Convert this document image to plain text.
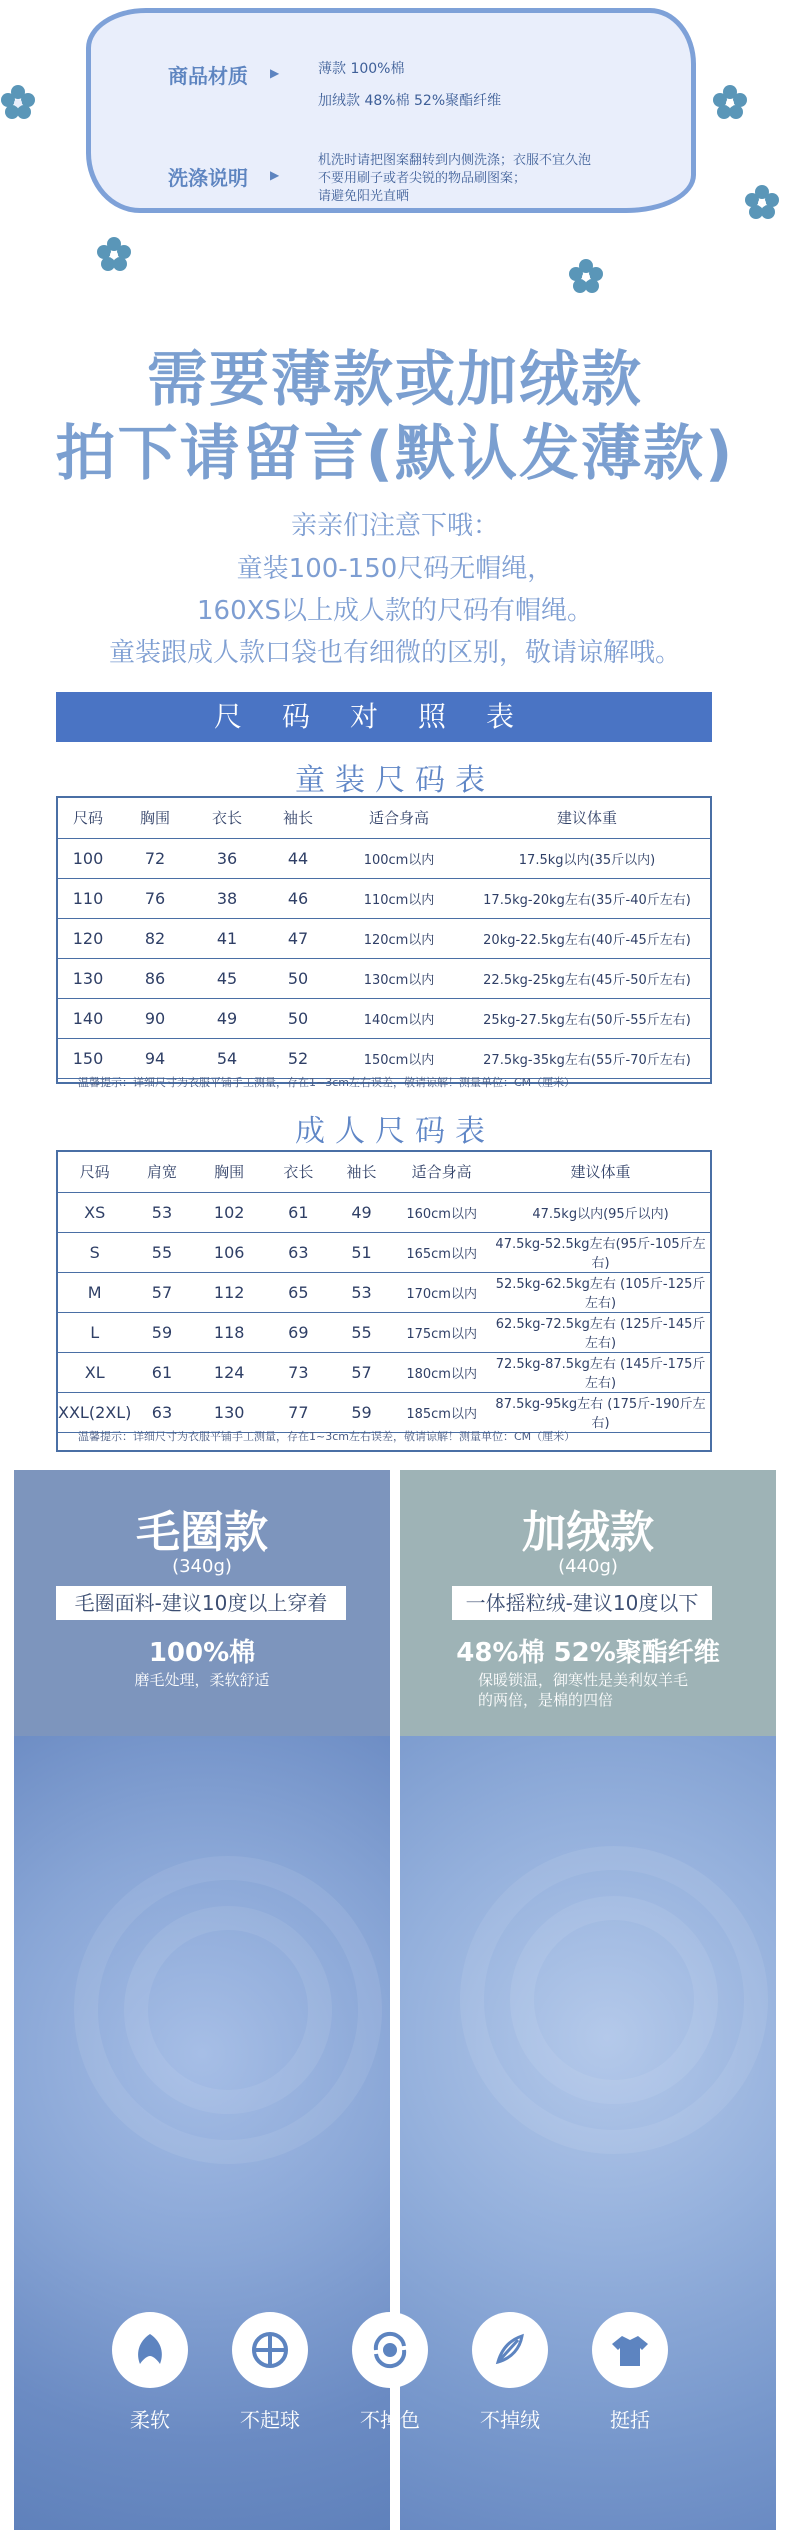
商品材质 ▶	薄款 100%棉
加绒款 48%棉 52%聚酯纤维
洗涤说明 ▶
机洗时请把图案翻转到内侧洗涤；衣服不宜久泡
不要用刷子或者尖锐的物品刷图案；
请避免阳光直晒
需要薄款或加绒款
拍下请留言(默认发薄款)
亲亲们注意下哦：
童装100-150尺码无帽绳，
160XS以上成人款的尺码有帽绳。
童装跟成人款口袋也有细微的区别，敬请谅解哦。
尺码对照表
童装尺码表
尺码	胸围	衣长	袖长	适合身高	建议体重
100	72	36	44	100cm以内	17.5kg以内(35斤以内)
110	76	38	46	110cm以内	17.5kg-20kg左右(35斤-40斤左右)
120	82	41	47	120cm以内	20kg-22.5kg左右(40斤-45斤左右)
130	86	45	50	130cm以内	22.5kg-25kg左右(45斤-50斤左右)
140	90	49	50	140cm以内	25kg-27.5kg左右(50斤-55斤左右)
150	94	54	52	150cm以内	27.5kg-35kg左右(55斤-70斤左右)
温馨提示：详细尺寸为衣服平铺手工测量，存在1~3cm左右误差，敬请谅解！测量单位：CM（厘米）
成人尺码表
尺码	肩宽	胸围	衣长	袖长	适合身高	建议体重
XS	53	102	61	49	160cm以内	47.5kg以内(95斤以内)
S	55	106	63	51	165cm以内	47.5kg-52.5kg左右(95斤-105斤左右)
M	57	112	65	53	170cm以内	52.5kg-62.5kg左右 (105斤-125斤左右)
L	59	118	69	55	175cm以内	62.5kg-72.5kg左右 (125斤-145斤左右)
XL	61	124	73	57	180cm以内	72.5kg-87.5kg左右 (145斤-175斤左右)
XXL(2XL)	63	130	77	59	185cm以内	87.5kg-95kg左右 (175斤-190斤左右)
温馨提示：详细尺寸为衣服平铺手工测量，存在1~3cm左右误差，敬请谅解！测量单位：CM（厘米）
毛圈款
(340g)
毛圈面料-建议10度以上穿着
100%棉
磨毛处理，柔软舒适
加绒款
(440g)
一体摇粒绒-建议10度以下
48%棉 52%聚酯纤维
保暖锁温，御寒性是美利奴羊毛
的两倍，是棉的四倍
柔软	不起球	不掉色	不掉绒	挺括
